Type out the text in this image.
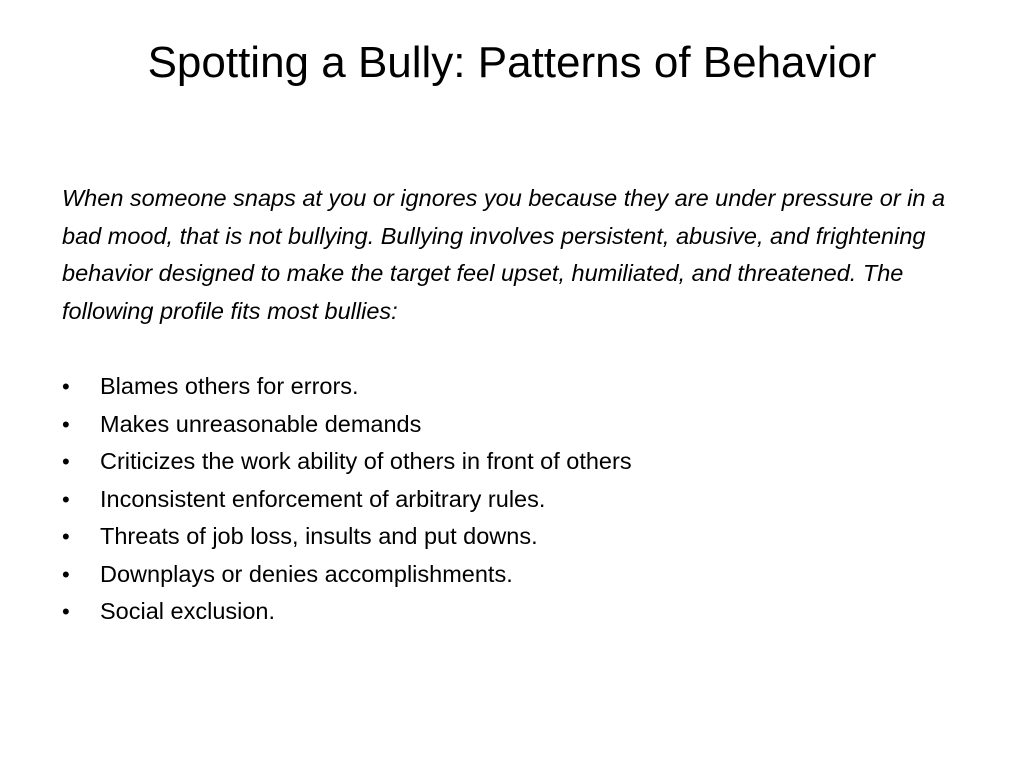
Spotting a Bully: Patterns of Behavior

When someone snaps at you or ignores you because they are under pressure or in a bad mood, that is not bullying. Bullying involves persistent, abusive, and frightening behavior designed to make the target feel upset, humiliated, and threatened. The following profile fits most bullies:

•	Blames others for errors.
•	Makes unreasonable demands
•	Criticizes the work ability of others in front of others
•	Inconsistent enforcement of arbitrary rules.
•	Threats of job loss, insults and put downs.
•	Downplays or denies accomplishments.
•	Social exclusion.
